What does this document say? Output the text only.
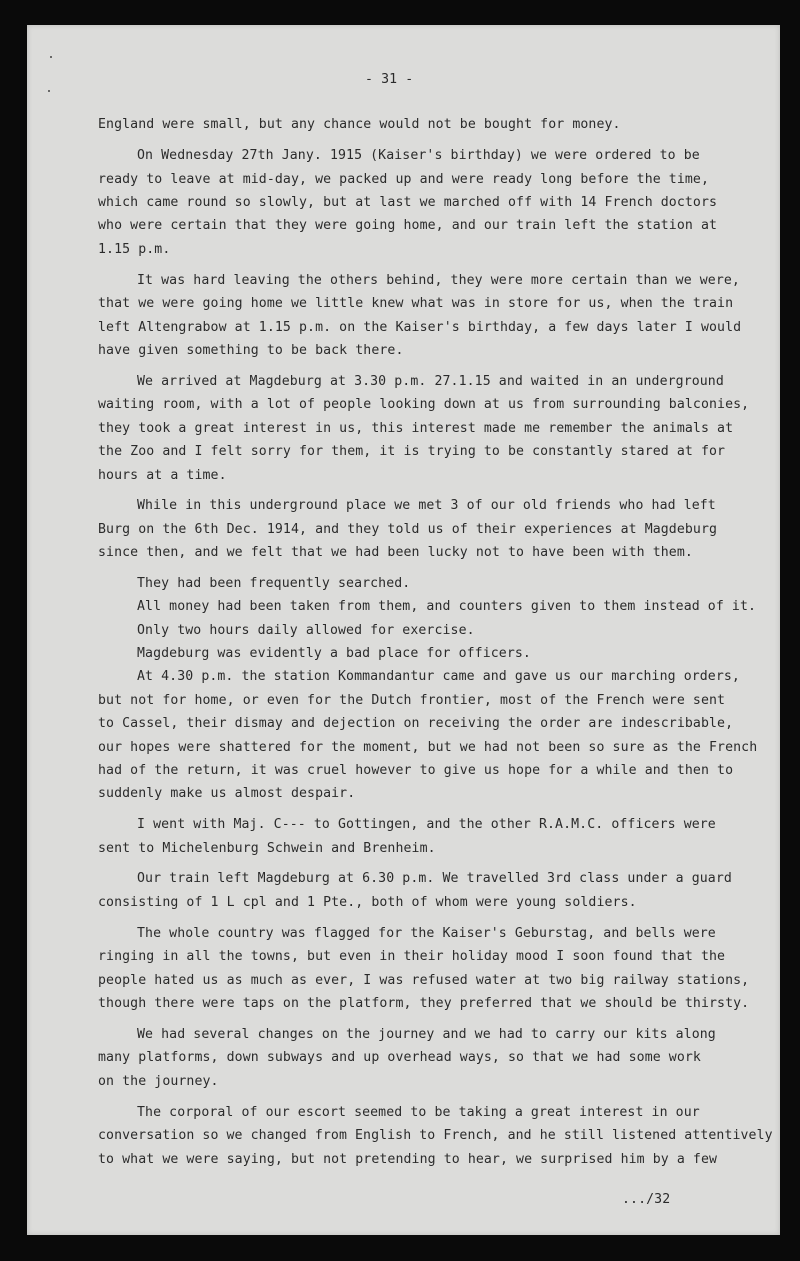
- 31 -
England were small, but any chance would not be bought for money.
On Wednesday 27th Jany. 1915 (Kaiser's birthday) we were ordered to be
ready to leave at mid-day, we packed up and were ready long before the time,
which came round so slowly, but at last we marched off with 14 French doctors
who were certain that they were going home, and our train left the station at
1.15 p.m.
It was hard leaving the others behind, they were more certain than we were,
that we were going home we little knew what was in store for us, when the train
left Altengrabow at 1.15 p.m. on the Kaiser's birthday, a few days later I would
have given something to be back there.
We arrived at Magdeburg at 3.30 p.m. 27.1.15 and waited in an underground
waiting room, with a lot of people looking down at us from surrounding balconies,
they took a great interest in us, this interest made me remember the animals at
the Zoo and I felt sorry for them, it is trying to be constantly stared at for
hours at a time.
While in this underground place we met 3 of our old friends who had left
Burg on the 6th Dec. 1914, and they told us of their experiences at Magdeburg
since then, and we felt that we had been lucky not to have been with them.
They had been frequently searched.
All money had been taken from them, and counters given to them instead of it.
Only two hours daily allowed for exercise.
Magdeburg was evidently a bad place for officers.
At 4.30 p.m. the station Kommandantur came and gave us our marching orders,
but not for home, or even for the Dutch frontier, most of the French were sent
to Cassel, their dismay and dejection on receiving the order are indescribable,
our hopes were shattered for the moment, but we had not been so sure as the French
had of the return, it was cruel however to give us hope for a while and then to
suddenly make us almost despair.
I went with Maj. C--- to Gottingen, and the other R.A.M.C. officers were
sent to Michelenburg Schwein and Brenheim.
Our train left Magdeburg at 6.30 p.m. We travelled 3rd class under a guard
consisting of 1 L cpl and 1 Pte., both of whom were young soldiers.
The whole country was flagged for the Kaiser's Geburstag, and bells were
ringing in all the towns, but even in their holiday mood I soon found that the
people hated us as much as ever, I was refused water at two big railway stations,
though there were taps on the platform, they preferred that we should be thirsty.
We had several changes on the journey and we had to carry our kits along
many platforms, down subways and up overhead ways, so that we had some work
on the journey.
The corporal of our escort seemed to be taking a great interest in our
conversation so we changed from English to French, and he still listened attentively
to what we were saying, but not pretending to hear, we surprised him by a few
.../32
